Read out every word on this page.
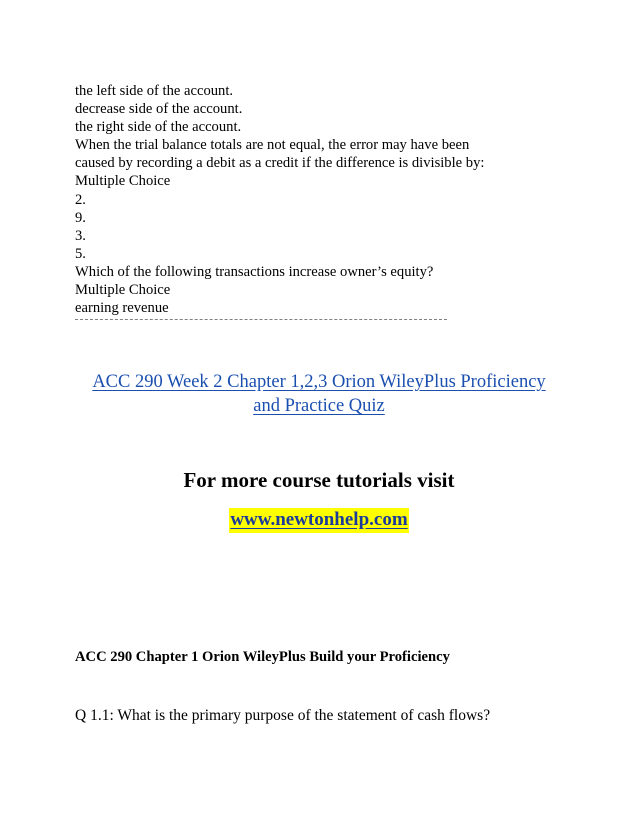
the left side of the account.
decrease side of the account.
the right side of the account.
When the trial balance totals are not equal, the error may have been
caused by recording a debit as a credit if the difference is divisible by:
Multiple Choice
2.
9.
3.
5.
Which of the following transactions increase owner’s equity?
Multiple Choice
earning revenue
ACC 290 Week 2 Chapter 1,2,3 Orion WileyPlus Proficiency
and Practice Quiz
For more course tutorials visit
www.newtonhelp.com
ACC 290 Chapter 1 Orion WileyPlus Build your Proficiency
Q 1.1: What is the primary purpose of the statement of cash flows?
